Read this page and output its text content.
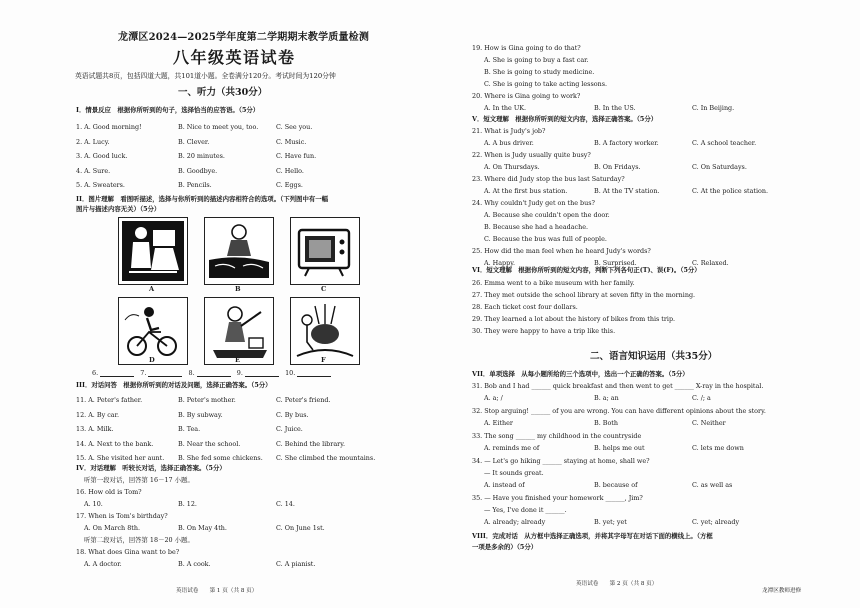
龙潭区2024—2025学年度第二学期期末教学质量检测
八年级英语试卷
英语试题共8页，包括四道大题，共101道小题。全卷满分120分。考试时间为120分钟
一、听力（共30分）
I．情景反应　根据你所听到的句子，选择恰当的应答语。（5分）
1. A. Good morning!	B. Nice to meet you, too.	C. See you.
2. A. Lucy.	B. Clever.	C. Music.
3. A. Good luck.	B. 20 minutes.	C. Have fun.
4. A. Sure.	B. Goodbye.	C. Hello.
5. A. Sweaters.	B. Pencils.	C. Eggs.
II．图片理解　看图听描述，选择与你所听到的描述内容相符合的选项。（下列图中有一幅
图片与描述内容无关）（5分）
A	B	C
D	E	F
6.	7.	8.	9.	10.
III．对话问答　根据你所听到的对话及问题，选择正确答案。（5分）
11. A. Peter's father.	B. Peter's mother.	C. Peter's friend.
12. A. By car.	B. By subway.	C. By bus.
13. A. Milk.	B. Tea.	C. Juice.
14. A. Next to the bank.	B. Near the school.	C. Behind the library.
15. A. She visited her aunt. B. She fed some chickens. C. She climbed the mountains.
IV．对话理解　听较长对话，选择正确答案。（5分）
听第一段对话，回答第 16－17 小题。
16. How old is Tom?
A. 10.	B. 12.	C. 14.
17. When is Tom's birthday?
A. On March 8th.	B. On May 4th.	C. On June 1st.
听第二段对话，回答第 18－20 小题。
18. What does Gina want to be?
A. A doctor.	B. A cook.	C. A pianist.
英语试卷　　第 1 页（共 8 页）
19. How is Gina going to do that?
A. She is going to buy a fast car.
B. She is going to study medicine.
C. She is going to take acting lessons.
20. Where is Gina going to work?
A. In the UK.	B. In the US.	C. In Beijing.
V．短文理解　根据你所听到的短文内容，选择正确答案。（5分）
21. What is Judy's job?
A. A bus driver.	B. A factory worker.	C. A school teacher.
22. When is Judy usually quite busy?
A. On Thursdays.	B. On Fridays.	C. On Saturdays.
23. Where did Judy stop the bus last Saturday?
A. At the first bus station.	B. At the TV station.	C. At the police station.
24. Why couldn't Judy get on the bus?
A. Because she couldn't open the door.
B. Because she had a headache.
C. Because the bus was full of people.
25. How did the man feel when he heard Judy's words?
A. Happy.	B. Surprised.	C. Relaxed.
VI．短文理解　根据你所听到的短文内容，判断下列各句正(T)、误(F)。（5分）
26. Emma went to a bike museum with her family.
27. They met outside the school library at seven fifty in the morning.
28. Each ticket cost four dollars.
29. They learned a lot about the history of bikes from this trip.
30. They were happy to have a trip like this.
二、语言知识运用（共35分）
VII．单项选择　从每小题所给的三个选项中，选出一个正确的答案。（5分）
31. Bob and I had ______ quick breakfast and then went to get ______ X-ray in the hospital.
A. a; /	B. a; an	C. /; a
32. Stop arguing! ______ of you are wrong. You can have different opinions about the story.
A. Either	B. Both	C. Neither
33. The song ______ my childhood in the countryside
A. reminds me of	B. helps me out	C. lets me down
34. — Let's go hiking ______ staying at home, shall we?
— It sounds great.
A. instead of	B. because of	C. as well as
35. — Have you finished your homework ______, Jim?
— Yes, I've done it ______.
A. already; already	B. yet; yet	C. yet; already
VIII．完成对话　从方框中选择正确选项，并将其字母写在对话下面的横线上。（方框
一项是多余的）（5分）
英语试卷　　第 2 页（共 8 页）
龙潭区教师进修
